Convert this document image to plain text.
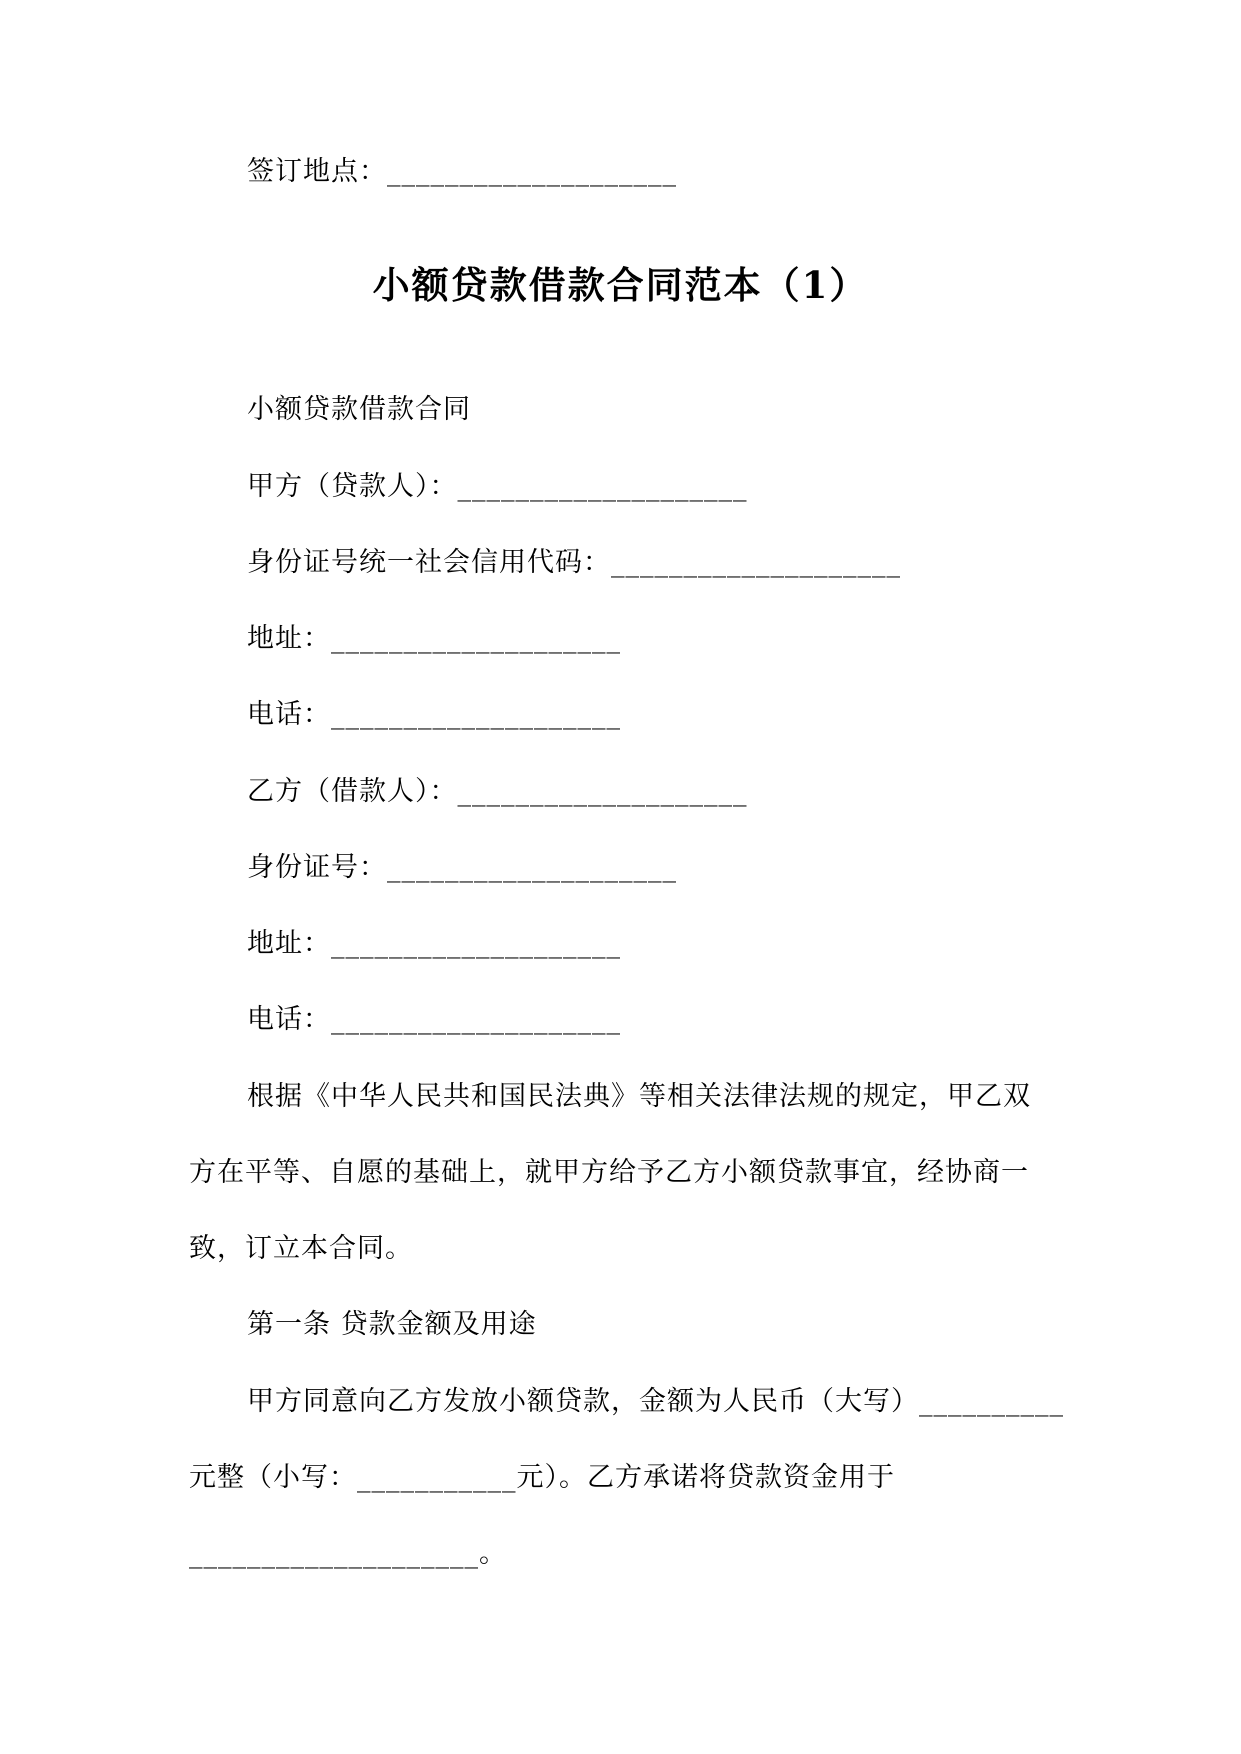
签订地点：____________________
小额贷款借款合同范本（1）
小额贷款借款合同
甲方（贷款人）：____________________
身份证号统一社会信用代码：____________________
地址：____________________
电话：____________________
乙方（借款人）：____________________
身份证号：____________________
地址：____________________
电话：____________________
根据《中华人民共和国民法典》等相关法律法规的规定，甲乙双
方在平等、自愿的基础上，就甲方给予乙方小额贷款事宜，经协商一
致，订立本合同。
第一条 贷款金额及用途
甲方同意向乙方发放小额贷款，金额为人民币（大写）__________
元整（小写：___________元）。乙方承诺将贷款资金用于
____________________。
